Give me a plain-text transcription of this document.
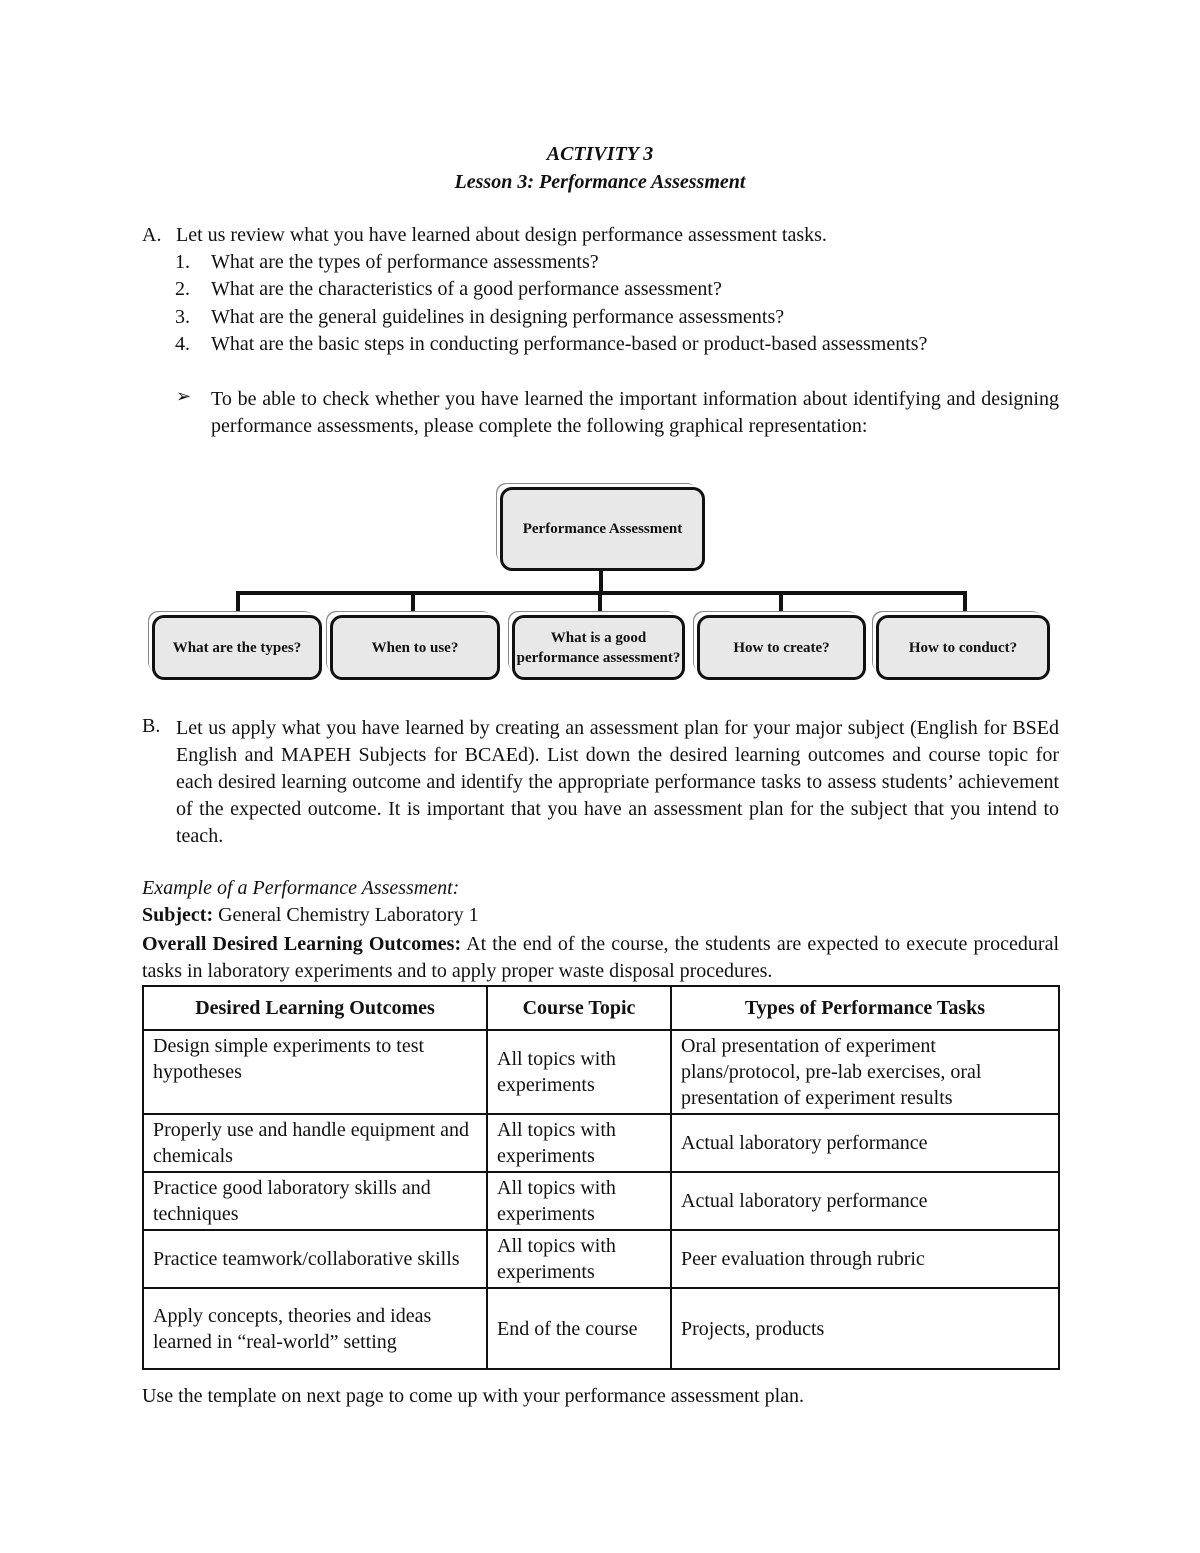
ACTIVITY 3
Lesson 3: Performance Assessment
A. Let us review what you have learned about design performance assessment tasks.
1. What are the types of performance assessments?
2. What are the characteristics of a good performance assessment?
3. What are the general guidelines in designing performance assessments?
4. What are the basic steps in conducting performance-based or product-based assessments?
➢ To be able to check whether you have learned the important information about identifying and designing performance assessments, please complete the following graphical representation:
Performance Assessment
What are the types?	When to use?
What is a good performance assessment?
How to create?	How to conduct?
B. Let us apply what you have learned by creating an assessment plan for your major subject (English for BSEd English and MAPEH Subjects for BCAEd). List down the desired learning outcomes and course topic for each desired learning outcome and identify the appropriate performance tasks to assess students’ achievement of the expected outcome. It is important that you have an assessment plan for the subject that you intend to teach.
Example of a Performance Assessment:
Subject: General Chemistry Laboratory 1
Overall Desired Learning Outcomes: At the end of the course, the students are expected to execute procedural tasks in laboratory experiments and to apply proper waste disposal procedures.
Desired Learning Outcomes	Course Topic	Types of Performance Tasks
Design simple experiments to test hypotheses	All topics with experiments	Oral presentation of experiment plans/protocol, pre-lab exercises, oral presentation of experiment results
Properly use and handle equipment and chemicals	All topics with experiments	Actual laboratory performance
Practice good laboratory skills and techniques	All topics with experiments	Actual laboratory performance
Practice teamwork/collaborative skills	All topics with experiments	Peer evaluation through rubric
Apply concepts, theories and ideas learned in “real-world” setting	End of the course	Projects, products
Use the template on next page to come up with your performance assessment plan.
